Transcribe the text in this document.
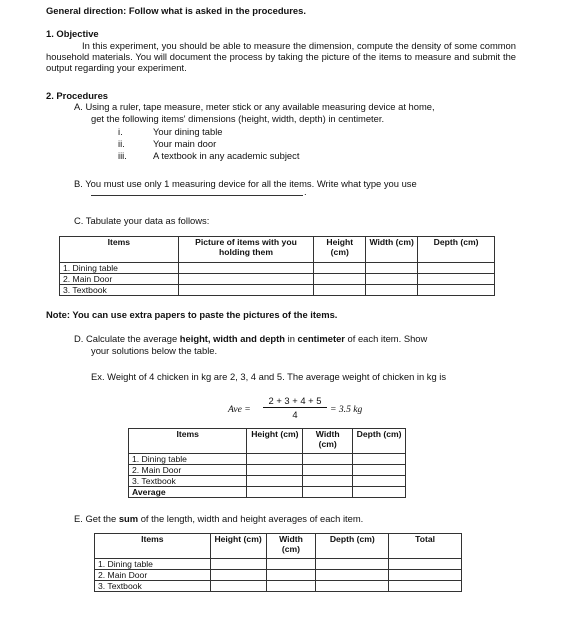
General direction: Follow what is asked in the procedures.
1. Objective
In this experiment, you should be able to measure the dimension, compute the density of some common household materials. You will document the process by taking the picture of the items to measure and submit the output regarding your experiment.
2. Procedures
A. Using a ruler, tape measure, meter stick or any available measuring device at home,
get the following items' dimensions (height, width, depth) in centimeter.
i.	Your dining table
ii.	Your main door
iii.	A textbook in any academic subject
B. You must use only 1 measuring device for all the items. Write what type you use
.
C. Tabulate your data as follows:
Items	Picture of items with you holding them	Height (cm)	Width (cm)	Depth (cm)
1. Dining table				
2. Main Door				
3. Textbook				
Note: You can use extra papers to paste the pictures of the items.
D. Calculate the average height, width and depth in centimeter of each item. Show
your solutions below the table.
Ex. Weight of 4 chicken in kg are 2, 3, 4 and 5. The average weight of chicken in kg is
Ave =
2 + 3 + 4 + 5
4	= 3.5 kg
Items	Height (cm)	Width (cm)	Depth (cm)
1. Dining table			
2. Main Door			
3. Textbook			
Average			
E. Get the sum of the length, width and height averages of each item.
Items	Height (cm)	Width (cm)	Depth (cm)	Total
1. Dining table				
2. Main Door				
3. Textbook				
